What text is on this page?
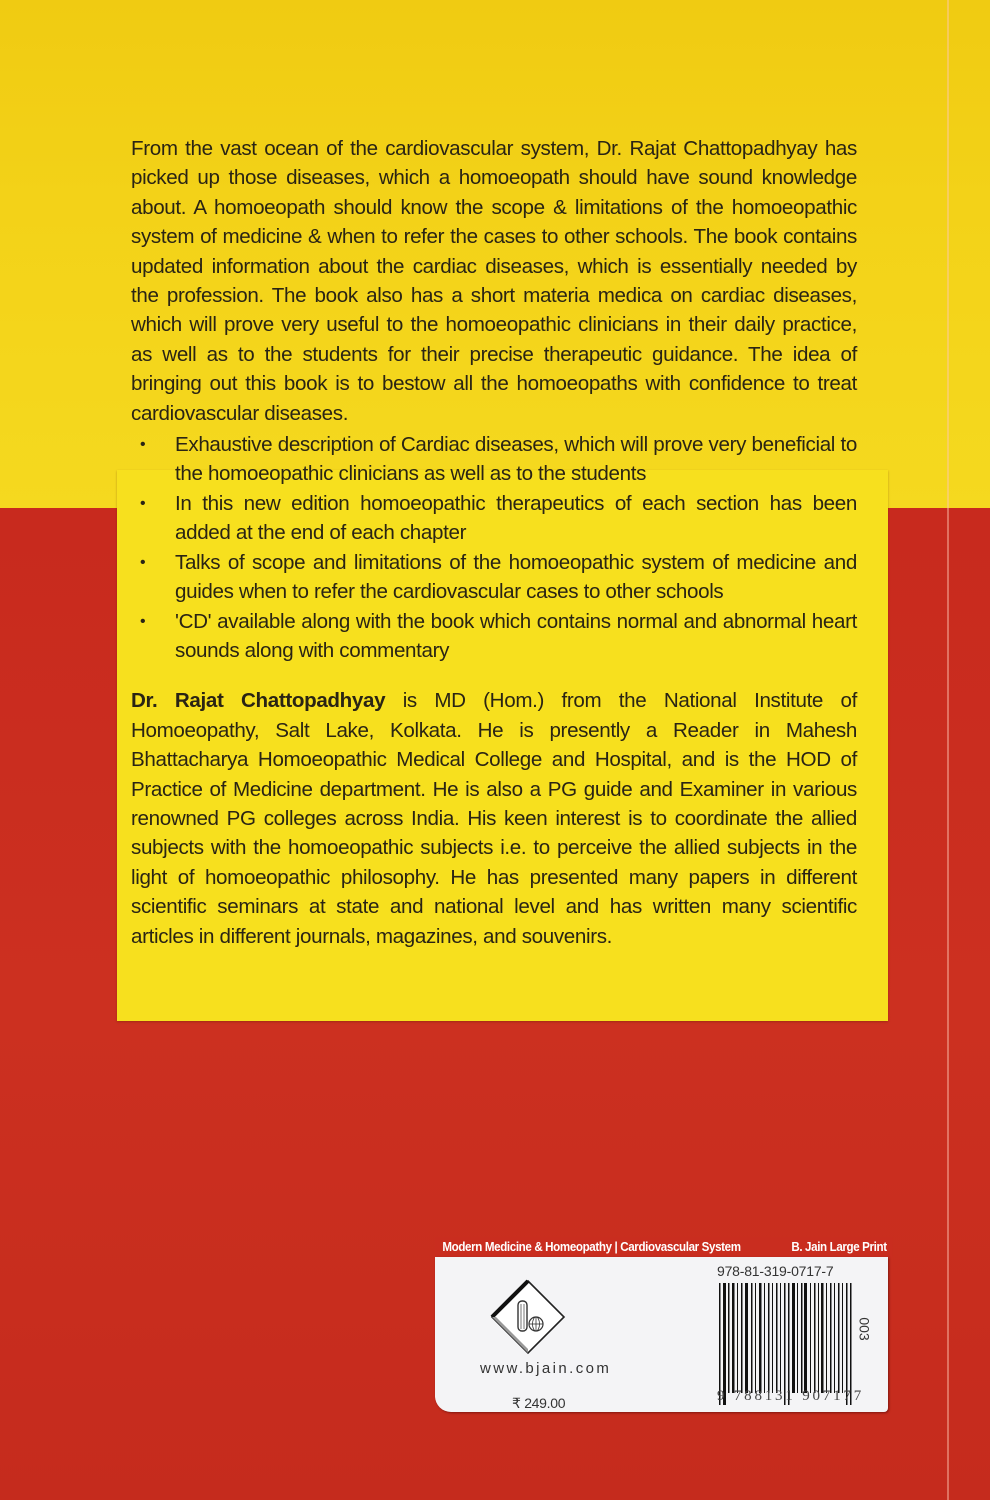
From the vast ocean of the cardiovascular system, Dr. Rajat Chattopadhyay has picked up those diseases, which a homoeopath should have sound knowledge about. A homoeopath should know the scope & limitations of the homoeopathic system of medicine & when to refer the cases to other schools. The book contains updated information about the cardiac diseases, which is essentially needed by the profession. The book also has a short materia medica on cardiac diseases, which will prove very useful to the homoeopathic clinicians in their daily practice, as well as to the students for their precise therapeutic guidance. The idea of bringing out this book is to bestow all the homoeopaths with confidence to treat cardiovascular diseases.

• Exhaustive description of Cardiac diseases, which will prove very beneficial to the homoeopathic clinicians as well as to the students
• In this new edition homoeopathic therapeutics of each section has been added at the end of each chapter
• Talks of scope and limitations of the homoeopathic system of medicine and guides when to refer the cardiovascular cases to other schools
• 'CD' available along with the book which contains normal and abnormal heart sounds along with commentary

Dr. Rajat Chattopadhyay is MD (Hom.) from the National Institute of Homoeopathy, Salt Lake, Kolkata. He is presently a Reader in Mahesh Bhattacharya Homoeopathic Medical College and Hospital, and is the HOD of Practice of Medicine department. He is also a PG guide and Examiner in various renowned PG colleges across India. His keen interest is to coordinate the allied subjects with the homoeopathic subjects i.e. to perceive the allied subjects in the light of homoeopathic philosophy. He has presented many papers in different scientific seminars at state and national level and has written many scientific articles in different journals, magazines, and souvenirs.

Modern Medicine & Homeopathy | Cardiovascular System	B. Jain Large Print
www.bjain.com
₹ 249.00
978-81-319-0717-7
9 788131 907177
003
